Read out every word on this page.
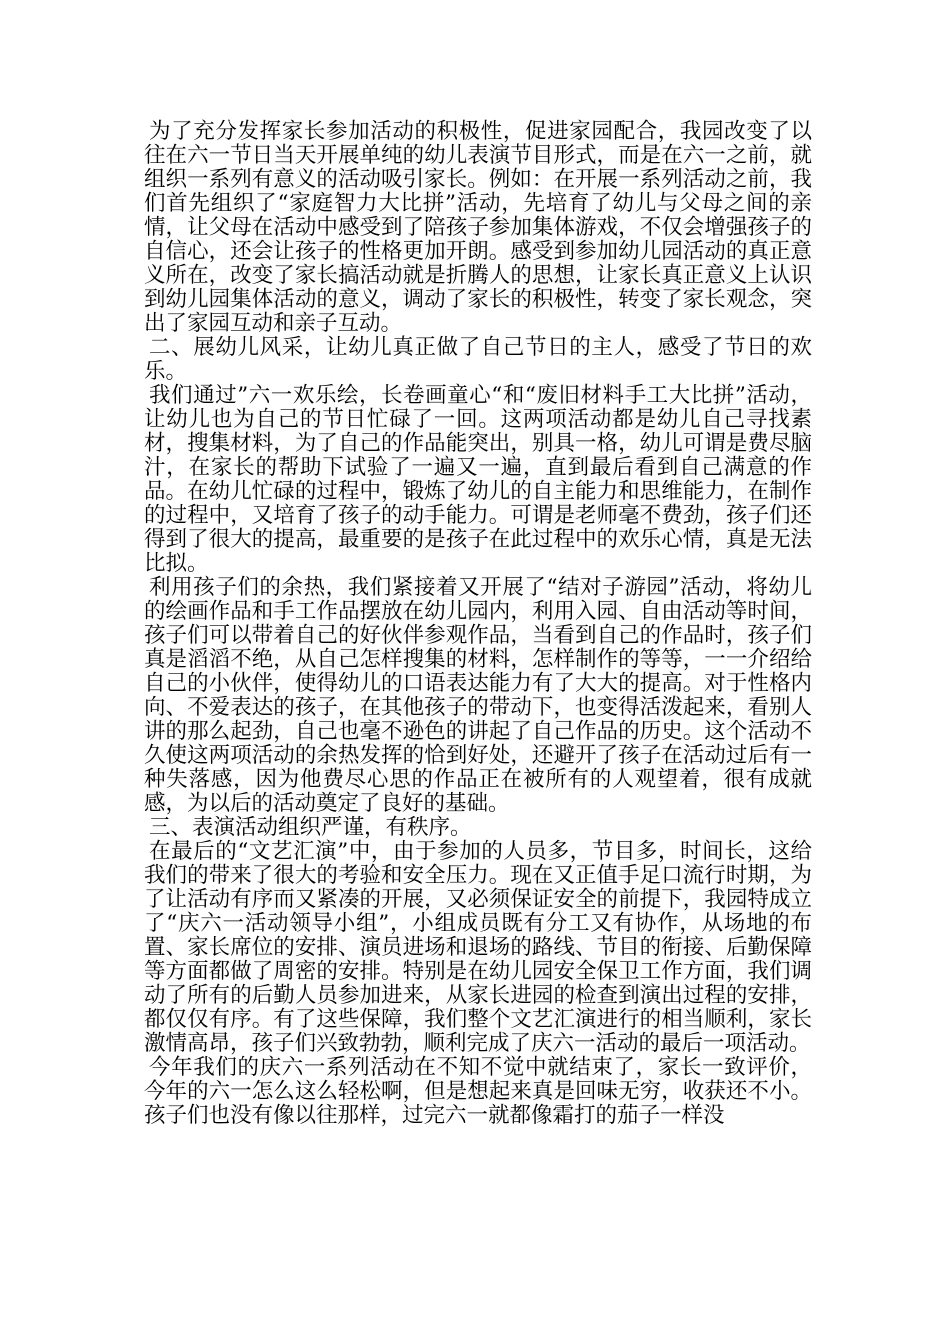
为了充分发挥家长参加活动的积极性，促进家园配合，我园改变了以往在六一节日当天开展单纯的幼儿表演节目形式，而是在六一之前，就组织一系列有意义的活动吸引家长。例如：在开展一系列活动之前，我们首先组织了“家庭智力大比拼”活动，先培育了幼儿与父母之间的亲情，让父母在活动中感受到了陪孩子参加集体游戏，不仅会增强孩子的自信心，还会让孩子的性格更加开朗。感受到参加幼儿园活动的真正意义所在，改变了家长搞活动就是折腾人的思想，让家长真正意义上认识到幼儿园集体活动的意义，调动了家长的积极性，转变了家长观念，突出了家园互动和亲子互动。

二、展幼儿风采，让幼儿真正做了自己节日的主人，感受了节日的欢乐。

我们通过”六一欢乐绘，长卷画童心“和“废旧材料手工大比拼”活动，让幼儿也为自己的节日忙碌了一回。这两项活动都是幼儿自己寻找素材，搜集材料，为了自己的作品能突出，别具一格，幼儿可谓是费尽脑汁，在家长的帮助下试验了一遍又一遍，直到最后看到自己满意的作品。在幼儿忙碌的过程中，锻炼了幼儿的自主能力和思维能力，在制作的过程中，又培育了孩子的动手能力。可谓是老师毫不费劲，孩子们还得到了很大的提高，最重要的是孩子在此过程中的欢乐心情，真是无法比拟。

利用孩子们的余热，我们紧接着又开展了“结对子游园”活动，将幼儿的绘画作品和手工作品摆放在幼儿园内，利用入园、自由活动等时间，孩子们可以带着自己的好伙伴参观作品，当看到自己的作品时，孩子们真是滔滔不绝，从自己怎样搜集的材料，怎样制作的等等，一一介绍给自己的小伙伴，使得幼儿的口语表达能力有了大大的提高。对于性格内向、不爱表达的孩子，在其他孩子的带动下，也变得活泼起来，看别人讲的那么起劲，自己也毫不逊色的讲起了自己作品的历史。这个活动不久使这两项活动的余热发挥的恰到好处，还避开了孩子在活动过后有一种失落感，因为他费尽心思的作品正在被所有的人观望着，很有成就感，为以后的活动奠定了良好的基础。

三、表演活动组织严谨，有秩序。

在最后的“文艺汇演”中，由于参加的人员多，节目多，时间长，这给我们的带来了很大的考验和安全压力。现在又正值手足口流行时期，为了让活动有序而又紧凑的开展，又必须保证安全的前提下，我园特成立了“庆六一活动领导小组”，小组成员既有分工又有协作，从场地的布置、家长席位的安排、演员进场和退场的路线、节目的衔接、后勤保障等方面都做了周密的安排。特别是在幼儿园安全保卫工作方面，我们调动了所有的后勤人员参加进来，从家长进园的检查到演出过程的安排，都仅仅有序。有了这些保障，我们整个文艺汇演进行的相当顺利，家长激情高昂，孩子们兴致勃勃，顺利完成了庆六一活动的最后一项活动。

今年我们的庆六一系列活动在不知不觉中就结束了，家长一致评价，今年的六一怎么这么轻松啊，但是想起来真是回味无穷，收获还不小。孩子们也没有像以往那样，过完六一就都像霜打的茄子一样没
